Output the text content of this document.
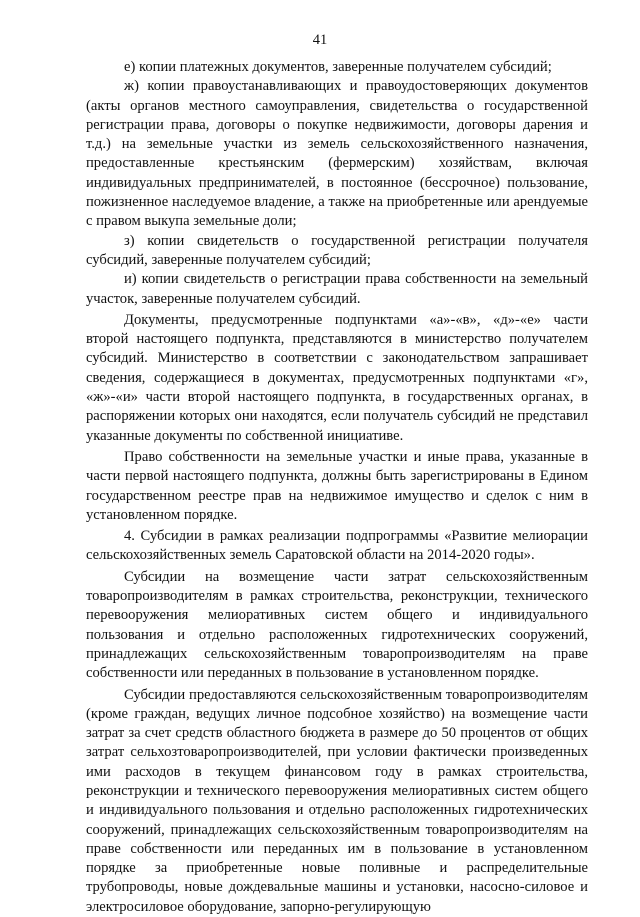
41

е) копии платежных документов, заверенные получателем субсидий;

ж) копии правоустанавливающих и правоудостоверяющих документов (акты органов местного самоуправления, свидетельства о государственной регистрации права, договоры о покупке недвижимости, договоры дарения и т.д.) на земельные участки из земель сельскохозяйственного назначения, предоставленные крестьянским (фермерским) хозяйствам, включая индивидуальных предпринимателей, в постоянное (бессрочное) пользование, пожизненное наследуемое владение, а также на приобретенные или арендуемые с правом выкупа земельные доли;

з) копии свидетельств о государственной регистрации получателя субсидий, заверенные получателем субсидий;

и) копии свидетельств о регистрации права собственности на земельный участок, заверенные получателем субсидий.

Документы, предусмотренные подпунктами «а»-«в», «д»-«е» части второй настоящего подпункта, представляются в министерство получателем субсидий. Министерство в соответствии с законодательством запрашивает сведения, содержащиеся в документах, предусмотренных подпунктами «г», «ж»-«и» части второй настоящего подпункта, в государственных органах, в распоряжении которых они находятся, если получатель субсидий не представил указанные документы по собственной инициативе.

Право собственности на земельные участки и иные права, указанные в части первой настоящего подпункта, должны быть зарегистрированы в Едином государственном реестре прав на недвижимое имущество и сделок с ним в установленном порядке.

4. Субсидии в рамках реализации подпрограммы «Развитие мелиорации сельскохозяйственных земель Саратовской области на 2014-2020 годы».

Субсидии на возмещение части затрат сельскохозяйственным товаропроизводителям в рамках строительства, реконструкции, технического перевооружения мелиоративных систем общего и индивидуального пользования и отдельно расположенных гидротехнических сооружений, принадлежащих сельскохозяйственным товаропроизводителям на праве собственности или переданных в пользование в установленном порядке.

Субсидии предоставляются сельскохозяйственным товаропроизводителям (кроме граждан, ведущих личное подсобное хозяйство) на возмещение части затрат за счет средств областного бюджета в размере до 50 процентов от общих затрат сельхозтоваропроизводителей, при условии фактически произведенных ими расходов в текущем финансовом году в рамках строительства, реконструкции и технического перевооружения мелиоративных систем общего и индивидуального пользования и отдельно расположенных гидротехнических сооружений, принадлежащих сельскохозяйственным товаропроизводителям на праве собственности или переданных им в пользование в установленном порядке за приобретенные новые поливные и распределительные трубопроводы, новые дождевальные машины и установки, насосно-силовое и электросиловое оборудование, запорно-регулирующую
